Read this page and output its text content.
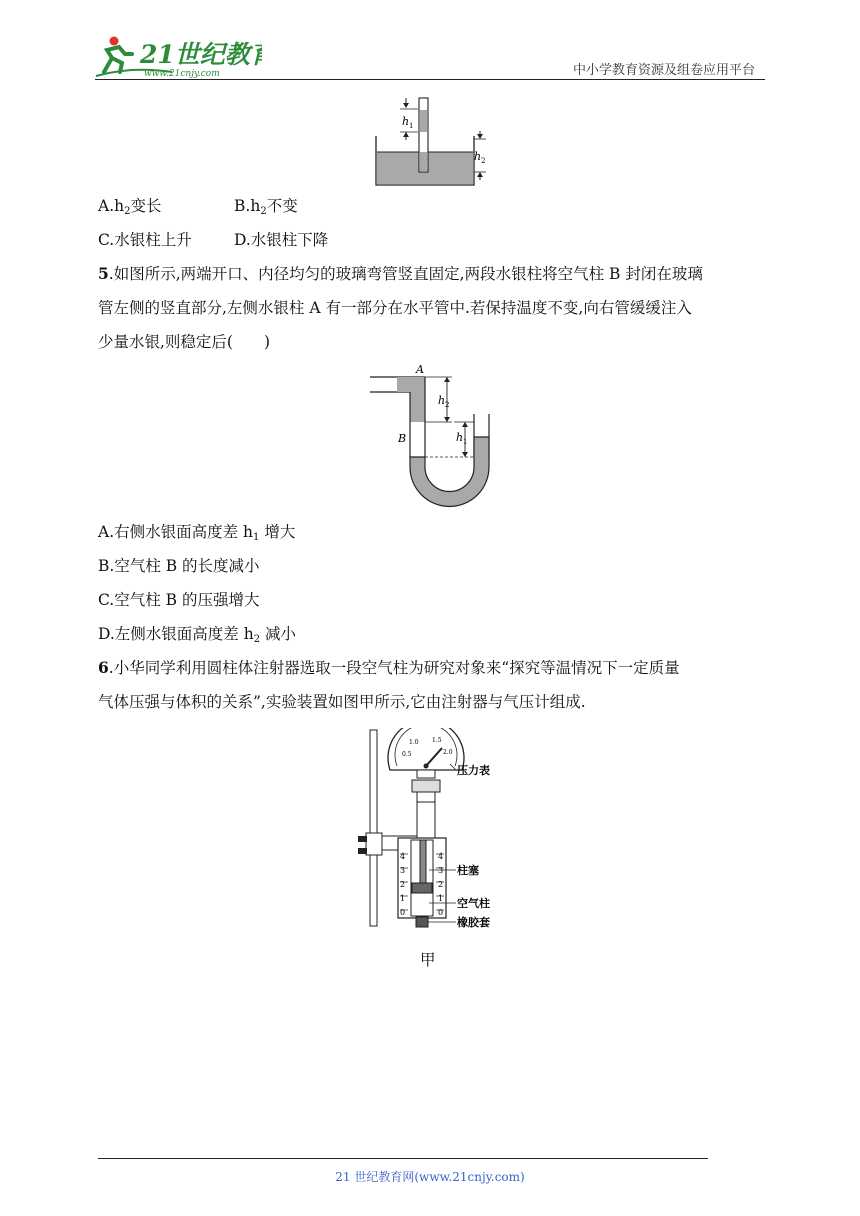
21世纪教育
www.21cnjy.com	中小学教育资源及组卷应用平台
h 1
h 2
$A.h_2$变长	$B.h_2$不变
C.水银柱上升	D.水银柱下降
5.如图所示,两端开口、内径均匀的玻璃弯管竖直固定,两段水银柱将空气柱 B 封闭在玻璃
管左侧的竖直部分,左侧水银柱 A 有一部分在水平管中.若保持温度不变,向右管缓缓注入
少量水银,则稳定后(　　)
h 2
h 1
A
B
A.右侧水银面高度差 $h_1$ 增大
B.空气柱 B 的长度减小
C.空气柱 B 的压强增大
D.左侧水银面高度差 $h_2$ 减小
6.小华同学利用圆柱体注射器选取一段空气柱为研究对象来“探究等温情况下一定质量
气体压强与体积的关系”,实验装置如图甲所示,它由注射器与气压计组成.
0.5
1.0 1.5
2.0
4
3
2
1
0
4
3
2
1
0
压力表
柱塞
空气柱
橡胶套
甲
21 世纪教育网(www.21cnjy.com)
